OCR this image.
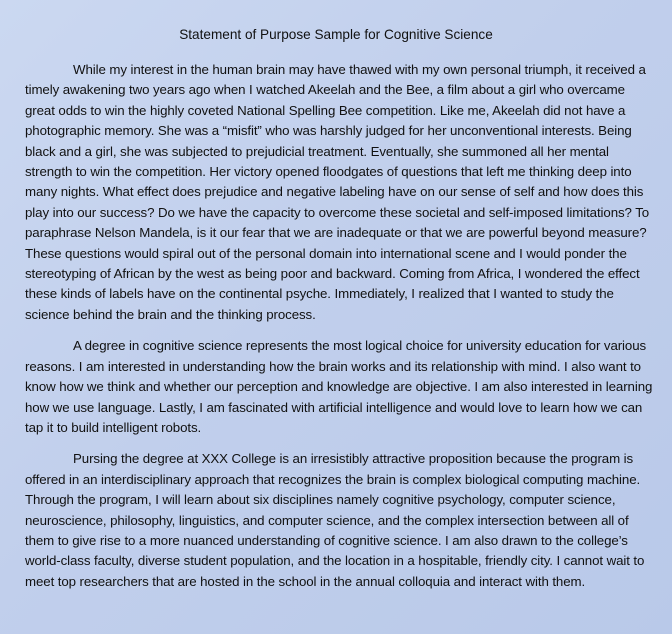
Statement of Purpose Sample for Cognitive Science

While my interest in the human brain may have thawed with my own personal triumph, it received a timely awakening two years ago when I watched Akeelah and the Bee, a film about a girl who overcame great odds to win the highly coveted National Spelling Bee competition. Like me, Akeelah did not have a photographic memory. She was a “misfit” who was harshly judged for her unconventional interests. Being black and a girl, she was subjected to prejudicial treatment. Eventually, she summoned all her mental strength to win the competition. Her victory opened floodgates of questions that left me thinking deep into many nights. What effect does prejudice and negative labeling have on our sense of self and how does this play into our success? Do we have the capacity to overcome these societal and self-imposed limitations? To paraphrase Nelson Mandela, is it our fear that we are inadequate or that we are powerful beyond measure? These questions would spiral out of the personal domain into international scene and I would ponder the stereotyping of African by the west as being poor and backward. Coming from Africa, I wondered the effect these kinds of labels have on the continental psyche. Immediately, I realized that I wanted to study the science behind the brain and the thinking process.

A degree in cognitive science represents the most logical choice for university education for various reasons. I am interested in understanding how the brain works and its relationship with mind. I also want to know how we think and whether our perception and knowledge are objective. I am also interested in learning how we use language. Lastly, I am fascinated with artificial intelligence and would love to learn how we can tap it to build intelligent robots.

Pursing the degree at XXX College is an irresistibly attractive proposition because the program is offered in an interdisciplinary approach that recognizes the brain is complex biological computing machine. Through the program, I will learn about six disciplines namely cognitive psychology, computer science, neuroscience, philosophy, linguistics, and computer science, and the complex intersection between all of them to give rise to a more nuanced understanding of cognitive science. I am also drawn to the college’s world-class faculty, diverse student population, and the location in a hospitable, friendly city. I cannot wait to meet top researchers that are hosted in the school in the annual colloquia and interact with them.
